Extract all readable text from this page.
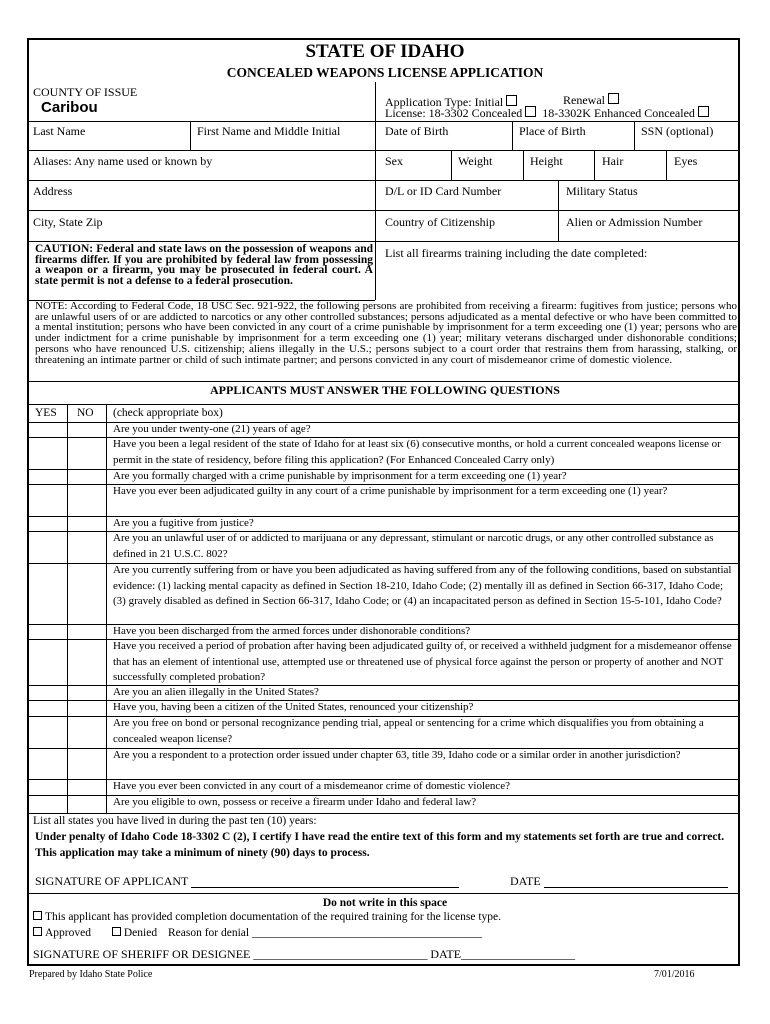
STATE OF IDAHO
CONCEALED WEAPONS LICENSE APPLICATION
COUNTY OF ISSUE
Caribou	Application Type: Initial	Renewal
License: 18-3302 Concealed 18-3302K Enhanced Concealed
Last Name	First Name and Middle Initial	Date of Birth	Place of Birth	SSN (optional)
Aliases: Any name used or known by	Sex	Weight	Height	Hair	Eyes
Address	D/L or ID Card Number	Military Status
City, State Zip	Country of Citizenship	Alien or Admission Number
CAUTION: Federal and state laws on the possession of weapons and firearms differ. If you are prohibited by federal law from possessing a weapon or a firearm, you may be prosecuted in federal court. A state permit is not a defense to a federal prosecution.
List all firearms training including the date completed:
NOTE: According to Federal Code, 18 USC Sec. 921-922, the following persons are prohibited from receiving a firearm: fugitives from justice; persons who are unlawful users of or are addicted to narcotics or any other controlled substances; persons adjudicated as a mental defective or who have been committed to a mental institution; persons who have been convicted in any court of a crime punishable by imprisonment for a term exceeding one (1) year; persons who are under indictment for a crime punishable by imprisonment for a term exceeding one (1) year; military veterans discharged under dishonorable conditions; persons who have renounced U.S. citizenship; aliens illegally in the U.S.; persons subject to a court order that restrains them from harassing, stalking, or threatening an intimate partner or child of such intimate partner; and persons convicted in any court of misdemeanor crime of domestic violence.
APPLICANTS MUST ANSWER THE FOLLOWING QUESTIONS
YES NO (check appropriate box)
Are you under twenty-one (21) years of age?
Have you been a legal resident of the state of Idaho for at least six (6) consecutive months, or hold a current concealed weapons license or permit in the state of residency, before filing this application? (For Enhanced Concealed Carry only)
Are you formally charged with a crime punishable by imprisonment for a term exceeding one (1) year?
Have you ever been adjudicated guilty in any court of a crime punishable by imprisonment for a term exceeding one (1) year?
Are you a fugitive from justice?
Are you an unlawful user of or addicted to marijuana or any depressant, stimulant or narcotic drugs, or any other controlled substance as defined in 21 U.S.C. 802?
Are you currently suffering from or have you been adjudicated as having suffered from any of the following conditions, based on substantial evidence: (1) lacking mental capacity as defined in Section 18-210, Idaho Code; (2) mentally ill as defined in Section 66-317, Idaho Code; (3) gravely disabled as defined in Section 66-317, Idaho Code; or (4) an incapacitated person as defined in Section 15-5-101, Idaho Code?
Have you been discharged from the armed forces under dishonorable conditions?
Have you received a period of probation after having been adjudicated guilty of, or received a withheld judgment for a misdemeanor offense that has an element of intentional use, attempted use or threatened use of physical force against the person or property of another and NOT successfully completed probation?
Are you an alien illegally in the United States?
Have you, having been a citizen of the United States, renounced your citizenship?
Are you free on bond or personal recognizance pending trial, appeal or sentencing for a crime which disqualifies you from obtaining a concealed weapon license?
Are you a respondent to a protection order issued under chapter 63, title 39, Idaho code or a similar order in another jurisdiction?
Have you ever been convicted in any court of a misdemeanor crime of domestic violence?
Are you eligible to own, possess or receive a firearm under Idaho and federal law?
List all states you have lived in during the past ten (10) years:
Under penalty of Idaho Code 18-3302 C (2), I certify I have read the entire text of this form and my statements set forth are true and correct. This application may take a minimum of ninety (90) days to process.
SIGNATURE OF APPLICANT	DATE
Do not write in this space
This applicant has provided completion documentation of the required training for the license type.
Approved	Denied Reason for denial ________________________________________
SIGNATURE OF SHERIFF OR DESIGNEE _____________________________ DATE___________________
Prepared by Idaho State Police	7/01/2016
